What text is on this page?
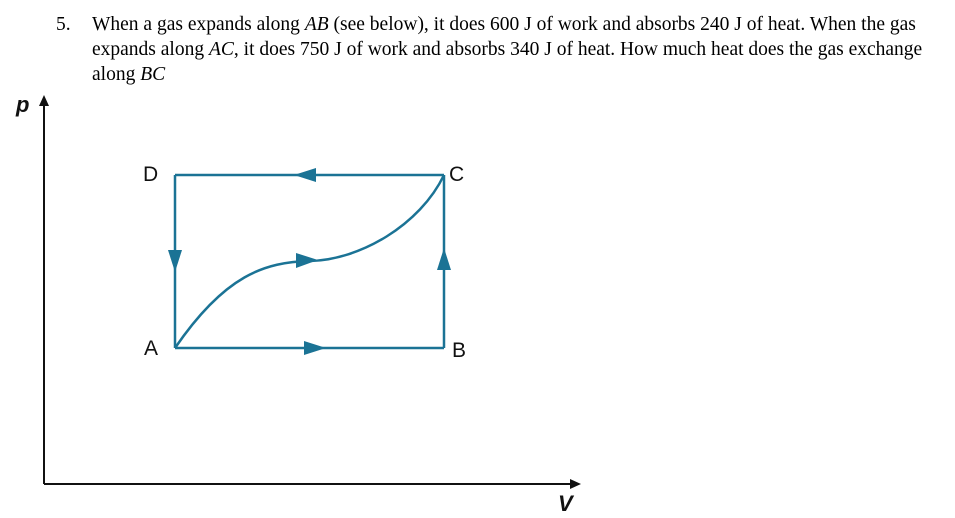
5. When a gas expands along AB (see below), it does 600 J of work and absorbs 240 J of heat. When the gas expands along AC, it does 750 J of work and absorbs 340 J of heat. How much heat does the gas exchange along BC
p
V
A	B
C
D
